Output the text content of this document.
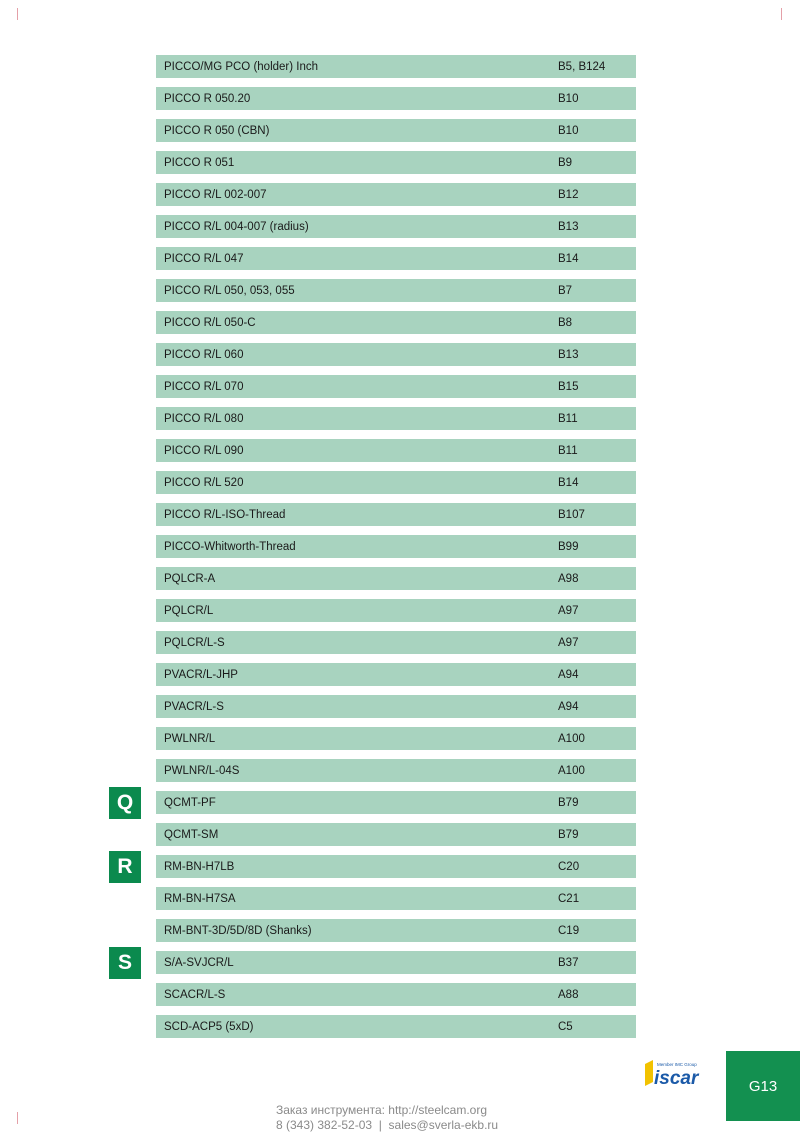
PICCO/MG PCO (holder) Inch	B5, B124
PICCO R 050.20	B10
PICCO R 050 (CBN)	B10
PICCO R 051	B9
PICCO R/L 002-007	B12
PICCO R/L 004-007 (radius)	B13
PICCO R/L 047	B14
PICCO R/L 050, 053, 055	B7
PICCO R/L 050-C	B8
PICCO R/L 060	B13
PICCO R/L 070	B15
PICCO R/L 080	B11
PICCO R/L 090	B11
PICCO R/L 520	B14
PICCO R/L-ISO-Thread	B107
PICCO-Whitworth-Thread	B99
PQLCR-A	A98
PQLCR/L	A97
PQLCR/L-S	A97
PVACR/L-JHP	A94
PVACR/L-S	A94
PWLNR/L	A100
PWLNR/L-04S	A100
QCMT-PF	B79
QCMT-SM	B79
RM-BN-H7LB	C20
RM-BN-H7SA	C21
RM-BNT-3D/5D/8D (Shanks)	C19
S/A-SVJCR/L	B37
SCACR/L-S	A88
SCD-ACP5 (5xD)	C5
Q
R
S
Member IMC Group
iscar	G13
Заказ инструмента: http://steelcam.org
8 (343) 382-52-03  |  sales@sverla-ekb.ru
